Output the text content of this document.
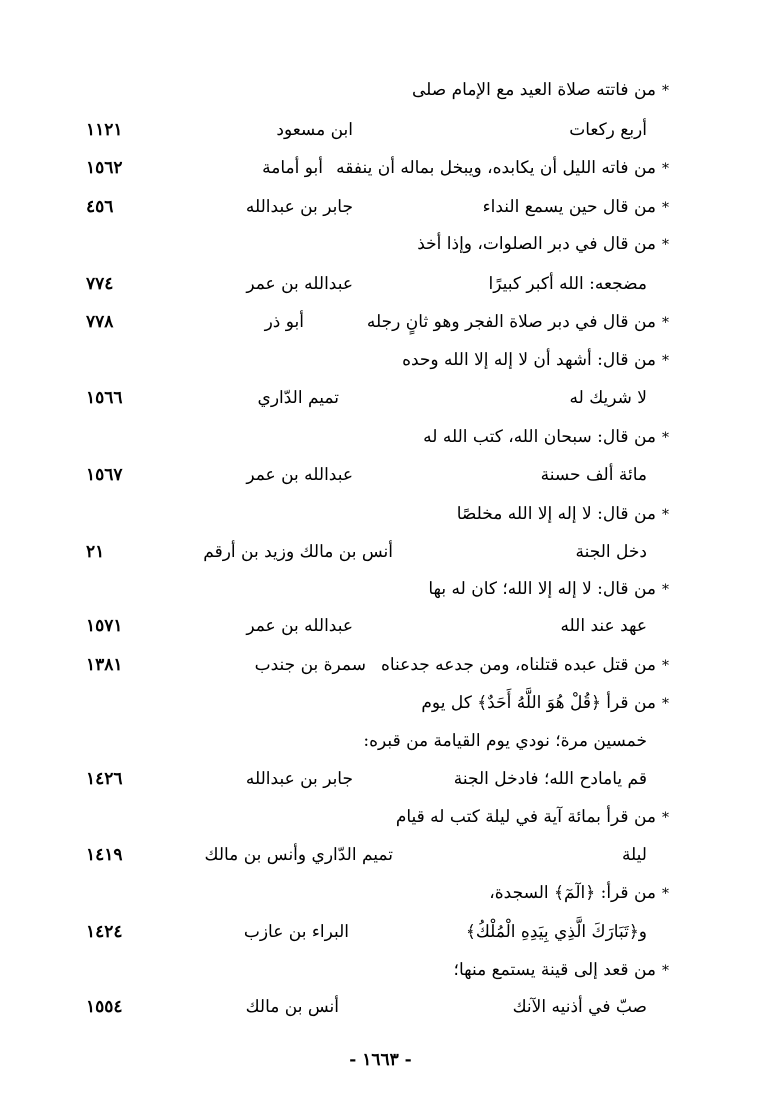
*من فاتته صلاة العيد مع الإمام صلى
أربع ركعات
ابن مسعود
١١٢١
*من فاته الليل أن يكابده، ويبخل بماله أن ينفقه
أبو أمامة
١٥٦٢
*من قال حين يسمع النداء
جابر بن عبدالله
٤٥٦
*من قال في دبر الصلوات، وإذا أخذ
مضجعه: الله أكبر كبيرًا
عبدالله بن عمر
٧٧٤
*من قال في دبر صلاة الفجر وهو ثانٍ رجله
أبو ذر
٧٧٨
*من قال: أشهد أن لا إله إلا الله وحده
لا شريك له
تميم الدّاري
١٥٦٦
*من قال: سبحان الله، كتب الله له
مائة ألف حسنة
عبدالله بن عمر
١٥٦٧
*من قال: لا إله إلا الله مخلصًا
دخل الجنة
أنس بن مالك وزيد بن أرقم
٢١
*من قال: لا إله إلا الله؛ كان له بها
عهد عند الله
عبدالله بن عمر
١٥٧١
*من قتل عبده قتلناه، ومن جدعه جدعناه
سمرة بن جندب
١٣٨١
*من قرأ ﴿قُلْ هُوَ اللَّهُ أَحَدٌ﴾ كل يوم
خمسين مرة؛ نودي يوم القيامة من قبره:
قم يامادح الله؛ فادخل الجنة
جابر بن عبدالله
١٤٢٦
*من قرأ بمائة آية في ليلة كتب له قيام
ليلة
تميم الدّاري وأنس بن مالك
١٤١٩
*من قرأ: ﴿الٓمٓ﴾ السجدة،
و﴿تَبَارَكَ الَّذِي بِيَدِهِ الْمُلْكُ﴾
البراء بن عازب
١٤٢٤
*من قعد إلى قينة يستمع منها؛
صبّ في أذنيه الآنك
أنس بن مالك
١٥٥٤
- ١٦٦٣ -
